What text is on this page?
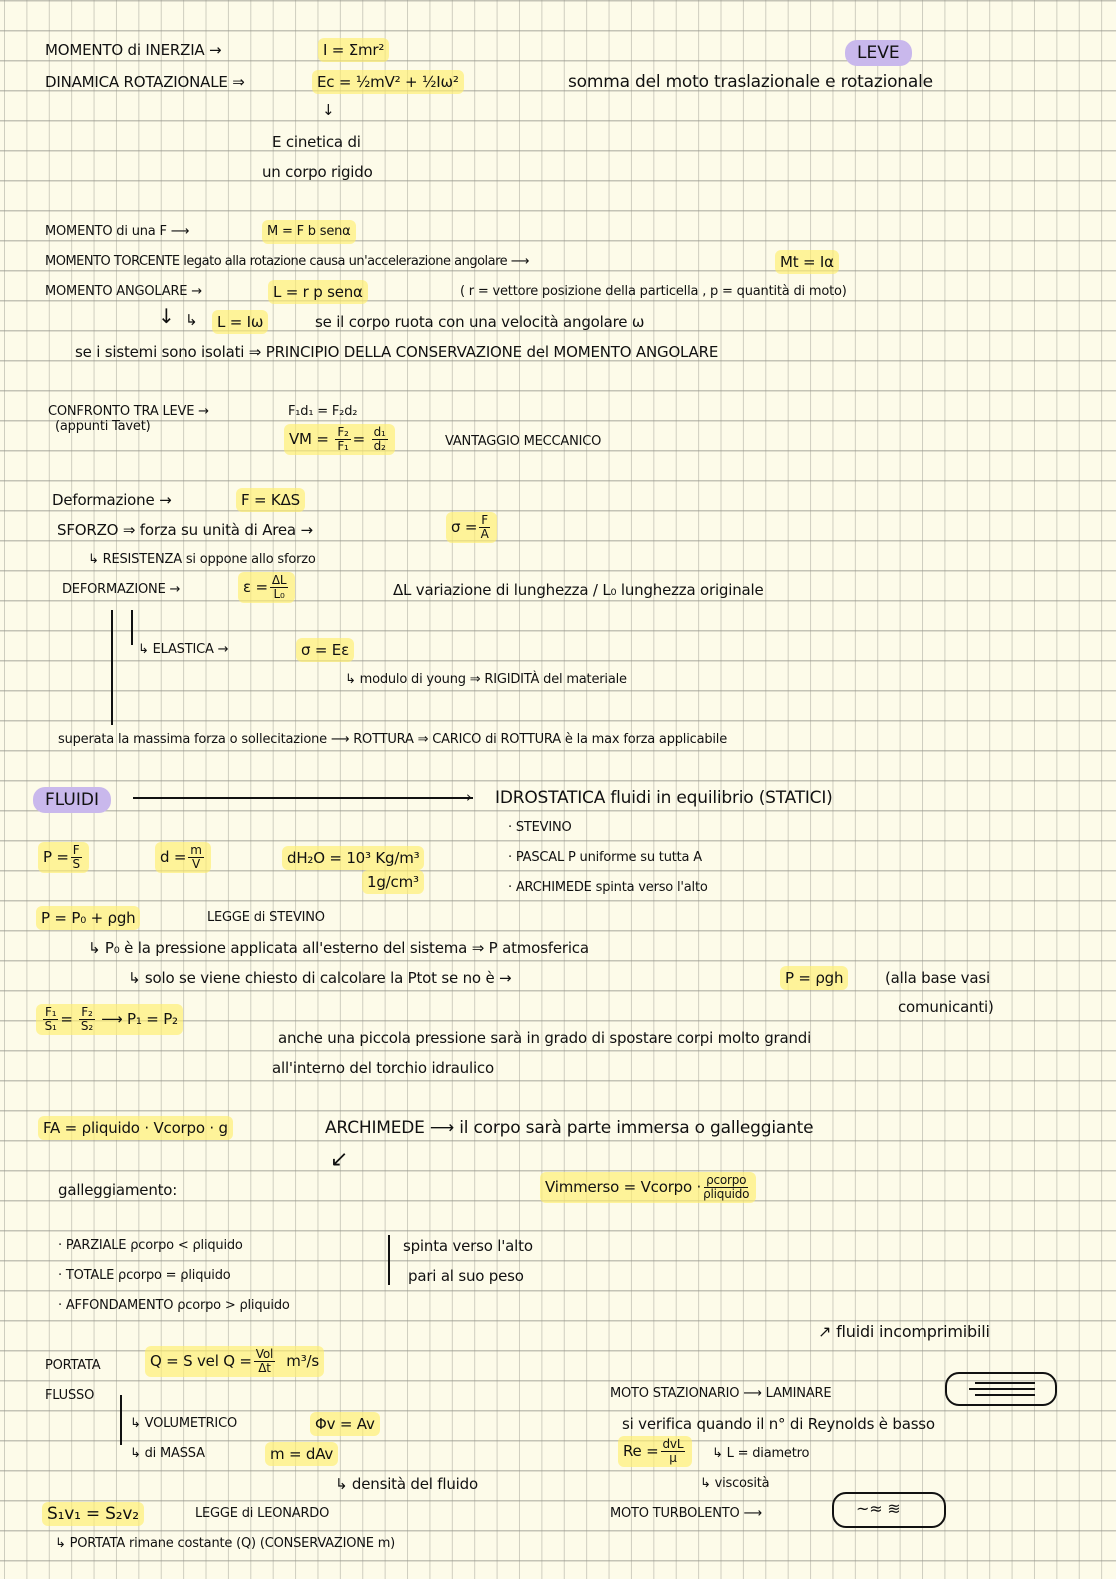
MOMENTO di INERZIA →	I = Σmr²	LEVE
DINAMICA ROTAZIONALE ⇒	Ec = ½mV² + ½Iω²	somma del moto traslazionale e rotazionale
↓
E cinetica di
un corpo rigido
MOMENTO di una F ⟶	M = F b senα
MOMENTO TORCENTE legato alla rotazione causa un'accelerazione angolare ⟶	Mt = Iα
MOMENTO ANGOLARE →	L = r p senα	( r = vettore posizione della particella , p = quantità di moto)
↓ ↳	L = Iω	se il corpo ruota con una velocità angolare ω
se i sistemi sono isolati ⇒ PRINCIPIO DELLA CONSERVAZIONE del MOMENTO ANGOLARE
CONFRONTO TRA LEVE →
(appunti Tavet)
F₁d₁ = F₂d₂
VM = $\frac{\text{F₂}}{\text{F₁}} = \frac{\text{d₁}}{\text{d₂}}$	VANTAGGIO MECCANICO
Deformazione →	F = KΔS
SFORZO ⇒ forza su unità di Area →	$\sigma = \frac{F}{A}$
↳ RESISTENZA si oppone allo sforzo
DEFORMAZIONE →	$\varepsilon = \frac{\Delta L}{\text{L₀}}$	ΔL variazione di lunghezza / L₀ lunghezza originale
↳ ELASTICA →	σ = Eε
↳ modulo di young ⇒ RIGIDITÀ del materiale
superata la massima forza o sollecitazione ⟶ ROTTURA ⇒ CARICO di ROTTURA è la max forza applicabile
FLUIDI	› IDROSTATICA fluidi in equilibrio (STATICI)
· STEVINO
· PASCAL P uniforme su tutta A
· ARCHIMEDE spinta verso l'alto
$P = \frac{F}{S}$	$d = \frac{m}{V}$	dH₂O = 10³ Kg/m³
1g/cm³
P = P₀ + ρgh	LEGGE di STEVINO
↳ P₀ è la pressione applicata all'esterno del sistema ⇒ P atmosferica
↳ solo se viene chiesto di calcolare la Ptot se no è →	P = ρgh	(alla base vasi
comunicanti)
$\frac{\text{F₁}}{\text{S₁}} = \frac{\text{F₂}}{\text{S₂}}$ ⟶ P₁ = P₂
anche una piccola pressione sarà in grado di spostare corpi molto grandi
all'interno del torchio idraulico
FA = ρliquido · Vcorpo · g	ARCHIMEDE ⟶ il corpo sarà parte immersa o galleggiante
↙
galleggiamento:	Vimmerso = Vcorpo · $\frac{\text{ρcorpo}}{\text{ρliquido}}$
· PARZIALE ρcorpo < ρliquido
· TOTALE ρcorpo = ρliquido
· AFFONDAMENTO ρcorpo > ρliquido
spinta verso l'alto
pari al suo peso
PORTATA	Q = S vel $Q = \frac{\text{Vol}}{\Delta t} m^3/s$
FLUSSO
↳ VOLUMETRICO	Φv = Av
↳ di MASSA	m = dAv
↳ densità del fluido
S₁v₁ = S₂v₂	LEGGE di LEONARDO
↳ PORTATA rimane costante (Q) (CONSERVAZIONE m)
↗ fluidi incomprimibili
MOTO STAZIONARIO ⟶ LAMINARE
si verifica quando il n° di Reynolds è basso
$Re = \frac{\text{dvL}}{\mu}$ ↳ L = diametro
↳ viscosità
MOTO TURBOLENTO ⟶	~≈ ≋
